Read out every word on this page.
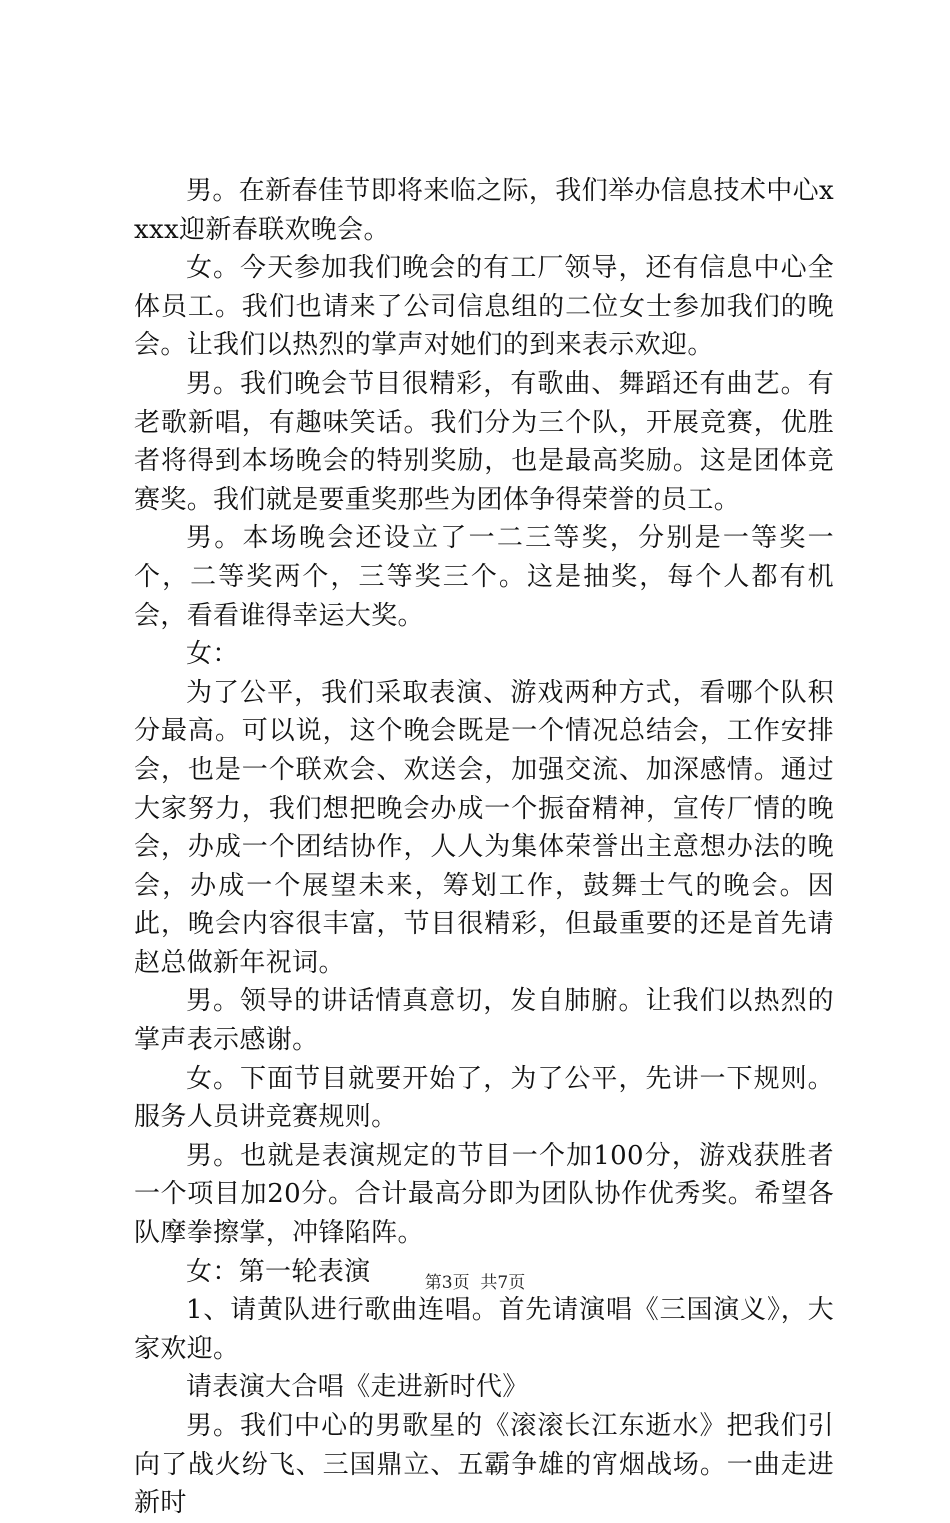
男。在新春佳节即将来临之际，我们举办信息技术中心xxxx迎新春联欢晚会。

女。今天参加我们晚会的有工厂领导，还有信息中心全体员工。我们也请来了公司信息组的二位女士参加我们的晚会。让我们以热烈的掌声对她们的到来表示欢迎。

男。我们晚会节目很精彩，有歌曲、舞蹈还有曲艺。有老歌新唱，有趣味笑话。我们分为三个队，开展竞赛，优胜者将得到本场晚会的特别奖励，也是最高奖励。这是团体竞赛奖。我们就是要重奖那些为团体争得荣誉的员工。

男。本场晚会还设立了一二三等奖，分别是一等奖一个，二等奖两个，三等奖三个。这是抽奖，每个人都有机会，看看谁得幸运大奖。

女：

为了公平，我们采取表演、游戏两种方式，看哪个队积分最高。可以说，这个晚会既是一个情况总结会，工作安排会，也是一个联欢会、欢送会，加强交流、加深感情。通过大家努力，我们想把晚会办成一个振奋精神，宣传厂情的晚会，办成一个团结协作，人人为集体荣誉出主意想办法的晚会，办成一个展望未来，筹划工作，鼓舞士气的晚会。因此，晚会内容很丰富，节目很精彩，但最重要的还是首先请赵总做新年祝词。

男。领导的讲话情真意切，发自肺腑。让我们以热烈的掌声表示感谢。

女。下面节目就要开始了，为了公平，先讲一下规则。服务人员讲竞赛规则。

男。也就是表演规定的节目一个加100分，游戏获胜者一个项目加20分。合计最高分即为团队协作优秀奖。希望各队摩拳擦掌，冲锋陷阵。

女：第一轮表演

1、请黄队进行歌曲连唱。首先请演唱《三国演义》，大家欢迎。

请表演大合唱《走进新时代》

男。我们中心的男歌星的《滚滚长江东逝水》把我们引向了战火纷飞、三国鼎立、五霸争雄的宵烟战场。一曲走进新时

第3页  共7页
